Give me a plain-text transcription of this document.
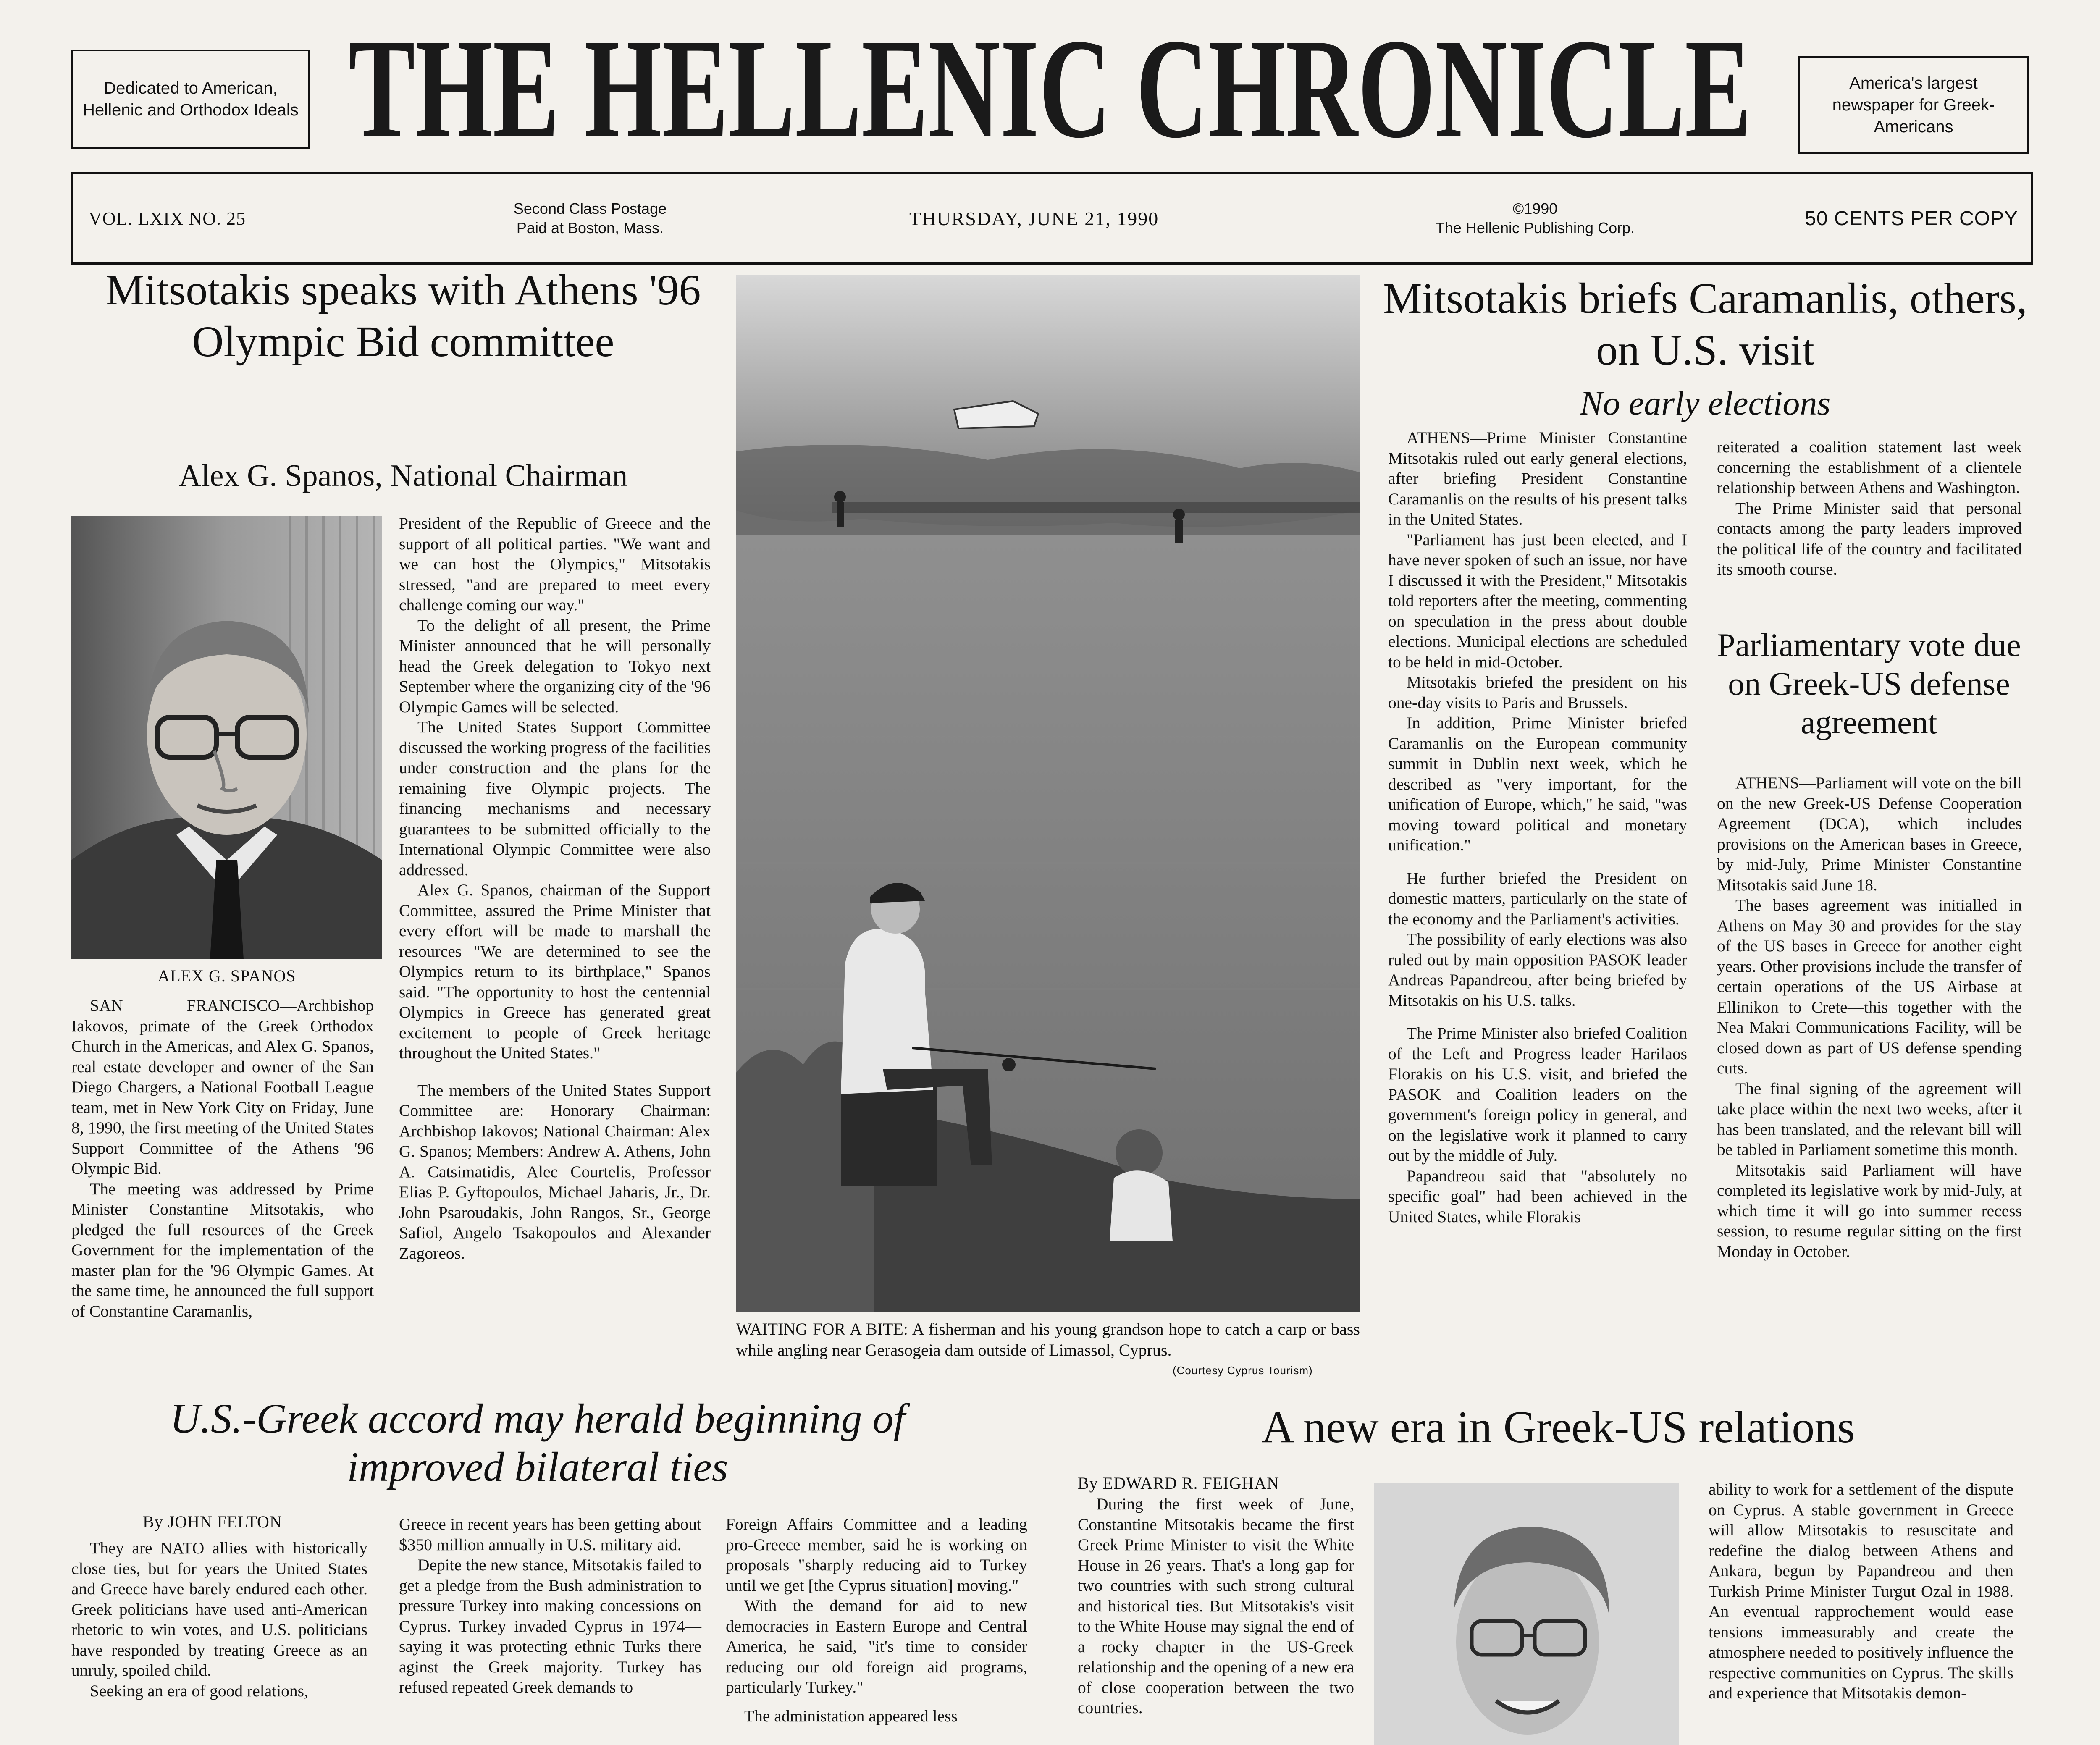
Dedicated to American, Hellenic and Orthodox Ideals THE HELLENIC CHRONICLE	America's largest newspaper for Greek-Americans
VOL. LXIX NO. 25	Second Class Postage
Paid at Boston, Mass.	THURSDAY, JUNE 21, 1990	©1990
The Hellenic Publishing Corp.	50 CENTS PER COPY
Mitsotakis speaks with Athens '96 Olympic Bid committee
Alex G. Spanos, National Chairman
ALEX G. SPANOS

SAN FRANCISCO—Archbishop Iakovos, primate of the Greek Orthodox Church in the Americas, and Alex G. Spanos, real estate developer and owner of the San Diego Chargers, a National Football League team, met in New York City on Friday, June 8, 1990, the first meeting of the United States Support Committee of the Athens '96 Olympic Bid.

The meeting was addressed by Prime Minister Constantine Mitsotakis, who pledged the full resources of the Greek Government for the implementation of the master plan for the '96 Olympic Games. At the same time, he announced the full support of Constantine Caramanlis,

President of the Republic of Greece and the support of all political parties. "We want and we can host the Olympics," Mitsotakis stressed, "and are prepared to meet every challenge coming our way."

To the delight of all present, the Prime Minister announced that he will personally head the Greek delegation to Tokyo next September where the organizing city of the '96 Olympic Games will be selected.

The United States Support Committee discussed the working progress of the facilities under construction and the plans for the remaining five Olympic projects. The financing mechanisms and necessary guarantees to be submitted officially to the International Olympic Committee were also addressed.

Alex G. Spanos, chairman of the Support Committee, assured the Prime Minister that every effort will be made to marshall the resources "We are determined to see the Olympics return to its birthplace," Spanos said. "The opportunity to host the centennial Olympics in Greece has generated great excitement to people of Greek heritage throughout the United States."

The members of the United States Support Committee are: Honorary Chairman: Archbishop Iakovos; National Chairman: Alex G. Spanos; Members: Andrew A. Athens, John A. Catsimatidis, Alec Courtelis, Professor Elias P. Gyftopoulos, Michael Jaharis, Jr., Dr. John Psaroudakis, John Rangos, Sr., George Safiol, Angelo Tsakopoulos and Alexander Zagoreos.

WAITING FOR A BITE: A fisherman and his young grandson hope to catch a carp or bass while angling near Gerasogeia dam outside of Limassol, Cyprus.
(Courtesy Cyprus Tourism)
Mitsotakis briefs Caramanlis, others, on U.S. visit
No early elections

ATHENS—Prime Minister Constantine Mitsotakis ruled out early general elections, after briefing President Constantine Caramanlis on the results of his present talks in the United States.

"Parliament has just been elected, and I have never spoken of such an issue, nor have I discussed it with the President," Mitsotakis told reporters after the meeting, commenting on speculation in the press about double elections. Municipal elections are scheduled to be held in mid-October.

Mitsotakis briefed the president on his one-day visits to Paris and Brussels.

In addition, Prime Minister briefed Caramanlis on the European community summit in Dublin next week, which he described as "very important, for the unification of Europe, which," he said, "was moving toward political and monetary unification."

He further briefed the President on domestic matters, particularly on the state of the economy and the Parliament's activities.

The possibility of early elections was also ruled out by main opposition PASOK leader Andreas Papandreou, after being briefed by Mitsotakis on his U.S. talks.

The Prime Minister also briefed Coalition of the Left and Progress leader Harilaos Florakis on his U.S. visit, and briefed the PASOK and Coalition leaders on the government's foreign policy in general, and on the legislative work it planned to carry out by the middle of July.

Papandreou said that "absolutely no specific goal" had been achieved in the United States, while Florakis

reiterated a coalition statement last week concerning the establishment of a clientele relationship between Athens and Washington.

The Prime Minister said that personal contacts among the party leaders improved the political life of the country and facilitated its smooth course.

Parliamentary vote due on Greek-US defense agreement

ATHENS—Parliament will vote on the bill on the new Greek-US Defense Cooperation Agreement (DCA), which includes provisions on the American bases in Greece, by mid-July, Prime Minister Constantine Mitsotakis said June 18.

The bases agreement was initialled in Athens on May 30 and provides for the stay of the US bases in Greece for another eight years. Other provisions include the transfer of certain operations of the US Airbase at Ellinikon to Crete—this together with the Nea Makri Communications Facility, will be closed down as part of US defense spending cuts.

The final signing of the agreement will take place within the next two weeks, after it has been translated, and the relevant bill will be tabled in Parliament sometime this month.

Mitsotakis said Parliament will have completed its legislative work by mid-July, at which time it will go into summer recess session, to resume regular sitting on the first Monday in October.

U.S.-Greek accord may herald beginning of improved bilateral ties
By JOHN FELTON

They are NATO allies with historically close ties, but for years the United States and Greece have barely endured each other. Greek politicians have used anti-American rhetoric to win votes, and U.S. politicians have responded by treating Greece as an unruly, spoiled child.

Seeking an era of good relations,

Greece in recent years has been getting about $350 million annually in U.S. military aid.

Depite the new stance, Mitsotakis failed to get a pledge from the Bush administration to pressure Turkey into making concessions on Cyprus. Turkey invaded Cyprus in 1974—saying it was protecting ethnic Turks there aginst the Greek majority. Turkey has refused repeated Greek demands to

Foreign Affairs Committee and a leading pro-Greece member, said he is working on proposals "sharply reducing aid to Turkey until we get [the Cyprus situation] moving."

With the demand for aid to new democracies in Eastern Europe and Central America, he said, "it's time to consider reducing our old foreign aid programs, particularly Turkey."

The administation appeared less

A new era in Greek-US relations
By EDWARD R. FEIGHAN

During the first week of June, Constantine Mitsotakis became the first Greek Prime Minister to visit the White House in 26 years. That's a long gap for two countries with such strong cultural and historical ties. But Mitsotakis's visit to the White House may signal the end of a rocky chapter in the US-Greek relationship and the opening of a new era of close cooperation between the two countries.

ability to work for a settlement of the dispute on Cyprus. A stable government in Greece will allow Mitsotakis to resuscitate and redefine the dialog between Athens and Ankara, begun by Papandreou and then Turkish Prime Minister Turgut Ozal in 1988. An eventual rapprochement would ease tensions immeasurably and create the atmosphere needed to positively influence the respective communities on Cyprus. The skills and experience that Mitsotakis demon-
